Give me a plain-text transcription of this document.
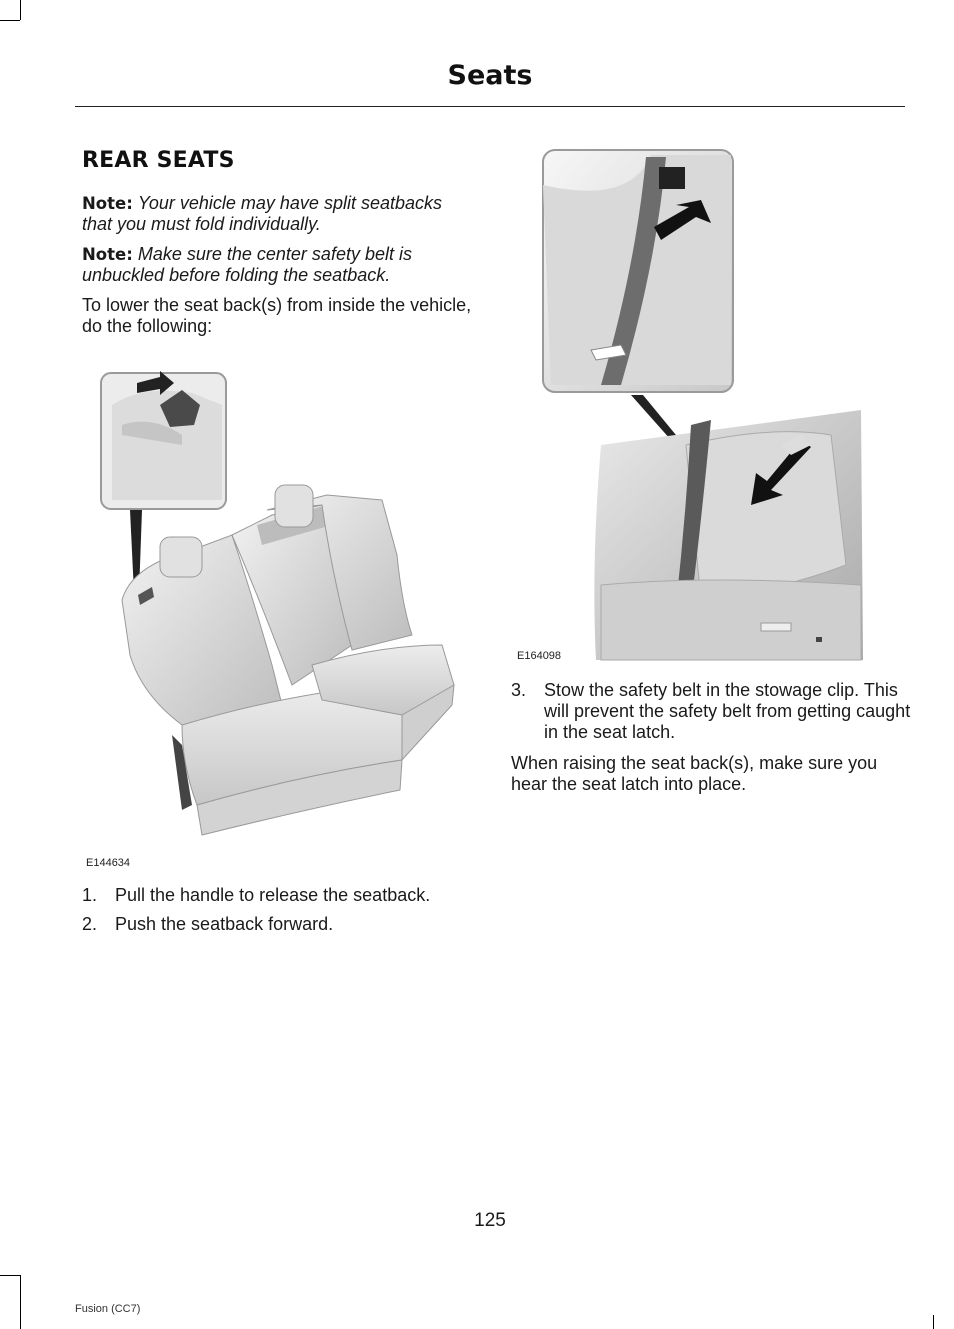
Seats
REAR SEATS

Note: Your vehicle may have split seatbacks that you must fold individually.

Note: Make sure the center safety belt is unbuckled before folding the seatback.

To lower the seat back(s) from inside the vehicle, do the following:

E144634
1. Pull the handle to release the seatback.
2. Push the seatback forward.
E164098
3. Stow the safety belt in the stowage clip. This will prevent the safety belt from getting caught in the seat latch.

When raising the seat back(s), make sure you hear the seat latch into place.

125
Fusion (CC7)
